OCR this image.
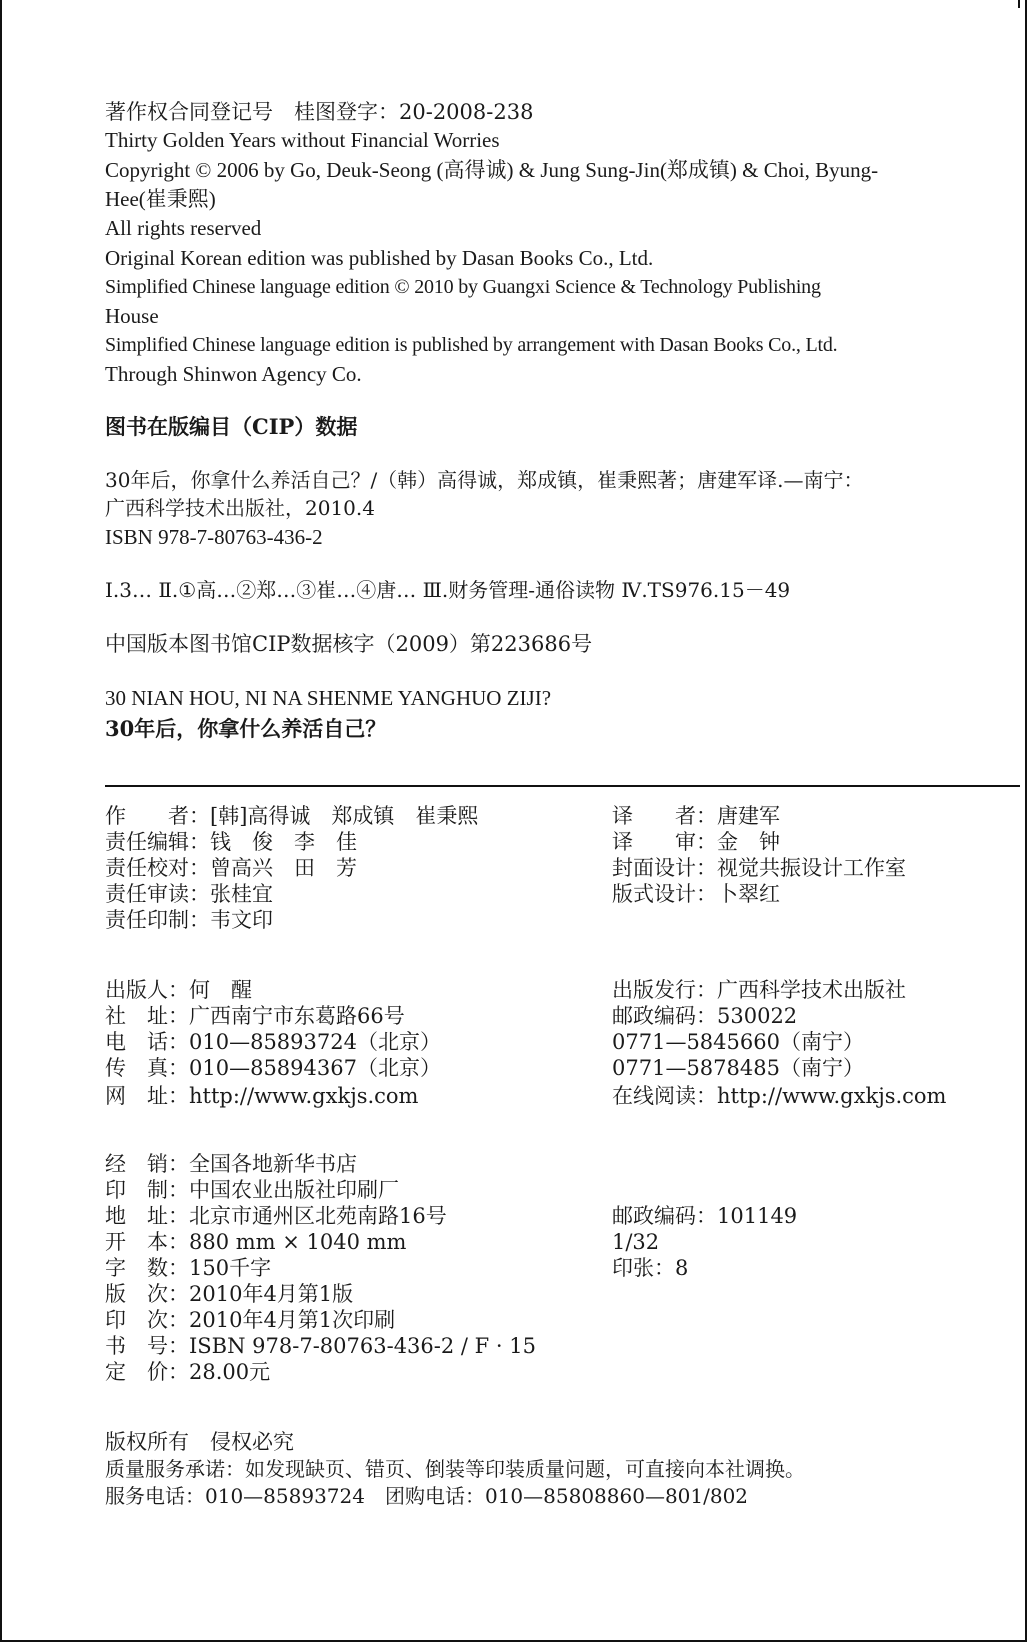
著作权合同登记号　桂图登字：20-2008-238
Thirty Golden Years without Financial Worries
Copyright © 2006 by Go, Deuk-Seong (高得诚) & Jung Sung-Jin(郑成镇) & Choi, Byung-
Hee(崔秉熙)
All rights reserved
Original Korean edition was published by Dasan Books Co., Ltd.
Simplified Chinese language edition © 2010 by Guangxi Science & Technology Publishing
House
Simplified Chinese language edition is published by arrangement with Dasan Books Co., Ltd.
Through Shinwon Agency Co.
图书在版编目（CIP）数据
30年后，你拿什么养活自己？/（韩）高得诚，郑成镇，崔秉熙著；唐建军译.—南宁：
广西科学技术出版社，2010.4
ISBN 978-7-80763-436-2
Ⅰ.3… Ⅱ.①高…②郑…③崔…④唐… Ⅲ.财务管理-通俗读物 Ⅳ.TS976.15－49
中国版本图书馆CIP数据核字（2009）第223686号
30 NIAN HOU, NI NA SHENME YANGHUO ZIJI?
30年后，你拿什么养活自己？
作　　者：[韩]高得诚　郑成镇　崔秉熙
责任编辑：钱　俊　李　佳
责任校对：曾高兴　田　芳
责任审读：张桂宜
责任印制：韦文印
译　　者：唐建军
译　　审：金　钟
封面设计：视觉共振设计工作室
版式设计：卜翠红
出版人：何　醒
社　址：广西南宁市东葛路66号
电　话：010—85893724（北京）
传　真：010—85894367（北京）
网　址：http://www.gxkjs.com
出版发行：广西科学技术出版社
邮政编码：530022
0771—5845660（南宁）
0771—5878485（南宁）
在线阅读：http://www.gxkjs.com
经　销：全国各地新华书店
印　制：中国农业出版社印刷厂
地　址：北京市通州区北苑南路16号
开　本：880 mm × 1040 mm
字　数：150千字
版　次：2010年4月第1版
印　次：2010年4月第1次印刷
书　号：ISBN 978-7-80763-436-2 / F · 15
定　价：28.00元
邮政编码：101149
1/32
印张：8
版权所有　侵权必究
质量服务承诺：如发现缺页、错页、倒装等印装质量问题，可直接向本社调换。
服务电话：010—85893724　团购电话：010—85808860—801/802
